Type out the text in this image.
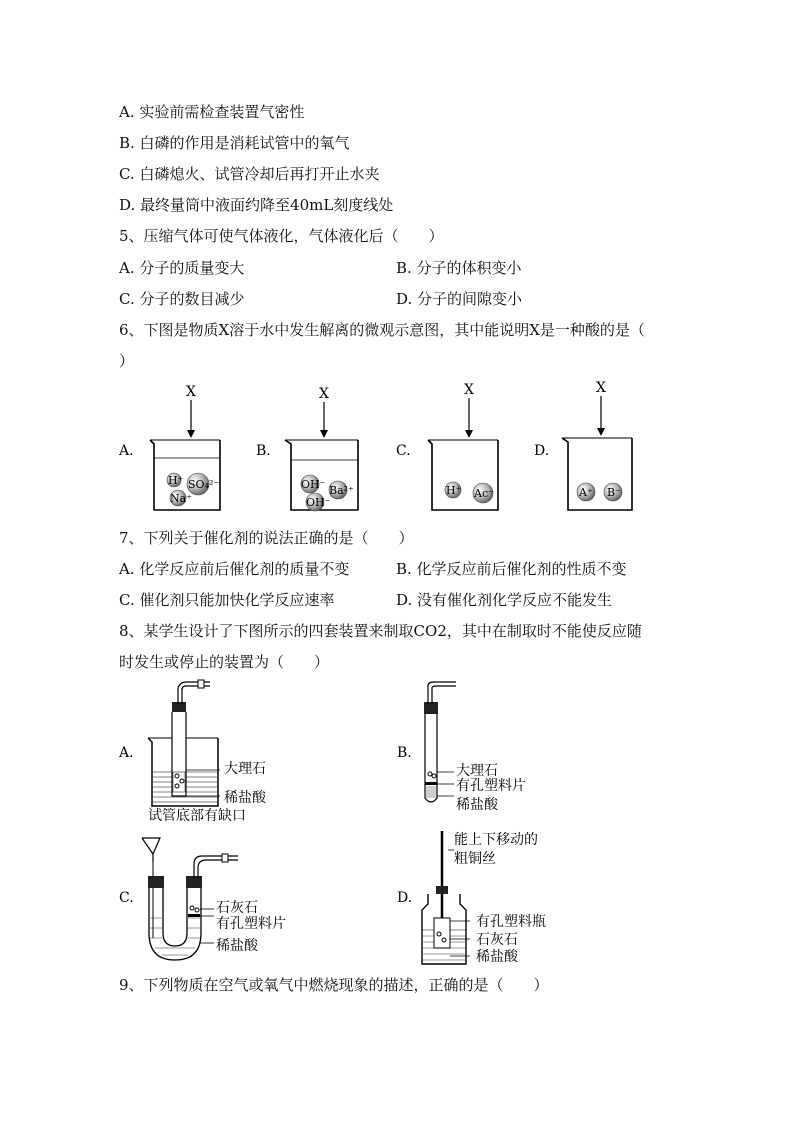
A. 实验前需检查装置气密性
B. 白磷的作用是消耗试管中的氧气
C. 白磷熄火、试管冷却后再打开止水夹
D. 最终量筒中液面约降至40mL刻度线处
5、压缩气体可使气体液化，气体液化后（　　）
A. 分子的质量变大	B. 分子的体积变小
C. 分子的数目减少	D. 分子的间隙变小
6、下图是物质X溶于水中发生解离的微观示意图，其中能说明X是一种酸的是（
）
A.	B.	C.	D.
X
H⁺ SO₄²⁻
Na⁺
X
OH⁻
OH⁻
Ba²⁺
X
H⁺ Ac⁻
X
A⁺ B⁻
7、下列关于催化剂的说法正确的是（　　）
A. 化学反应前后催化剂的质量不变	B. 化学反应前后催化剂的性质不变
C. 催化剂只能加快化学反应速率	D. 没有催化剂化学反应不能发生
8、某学生设计了下图所示的四套装置来制取CO2，其中在制取时不能使反应随
时发生或停止的装置为（　　）
A.	B.
C.	D.
大理石
稀盐酸
试管底部有缺口
大理石
有孔塑料片
稀盐酸
石灰石
有孔塑料片
稀盐酸
能上下移动的
粗铜丝
有孔塑料瓶
石灰石
稀盐酸
9、下列物质在空气或氧气中燃烧现象的描述，正确的是（　　）
